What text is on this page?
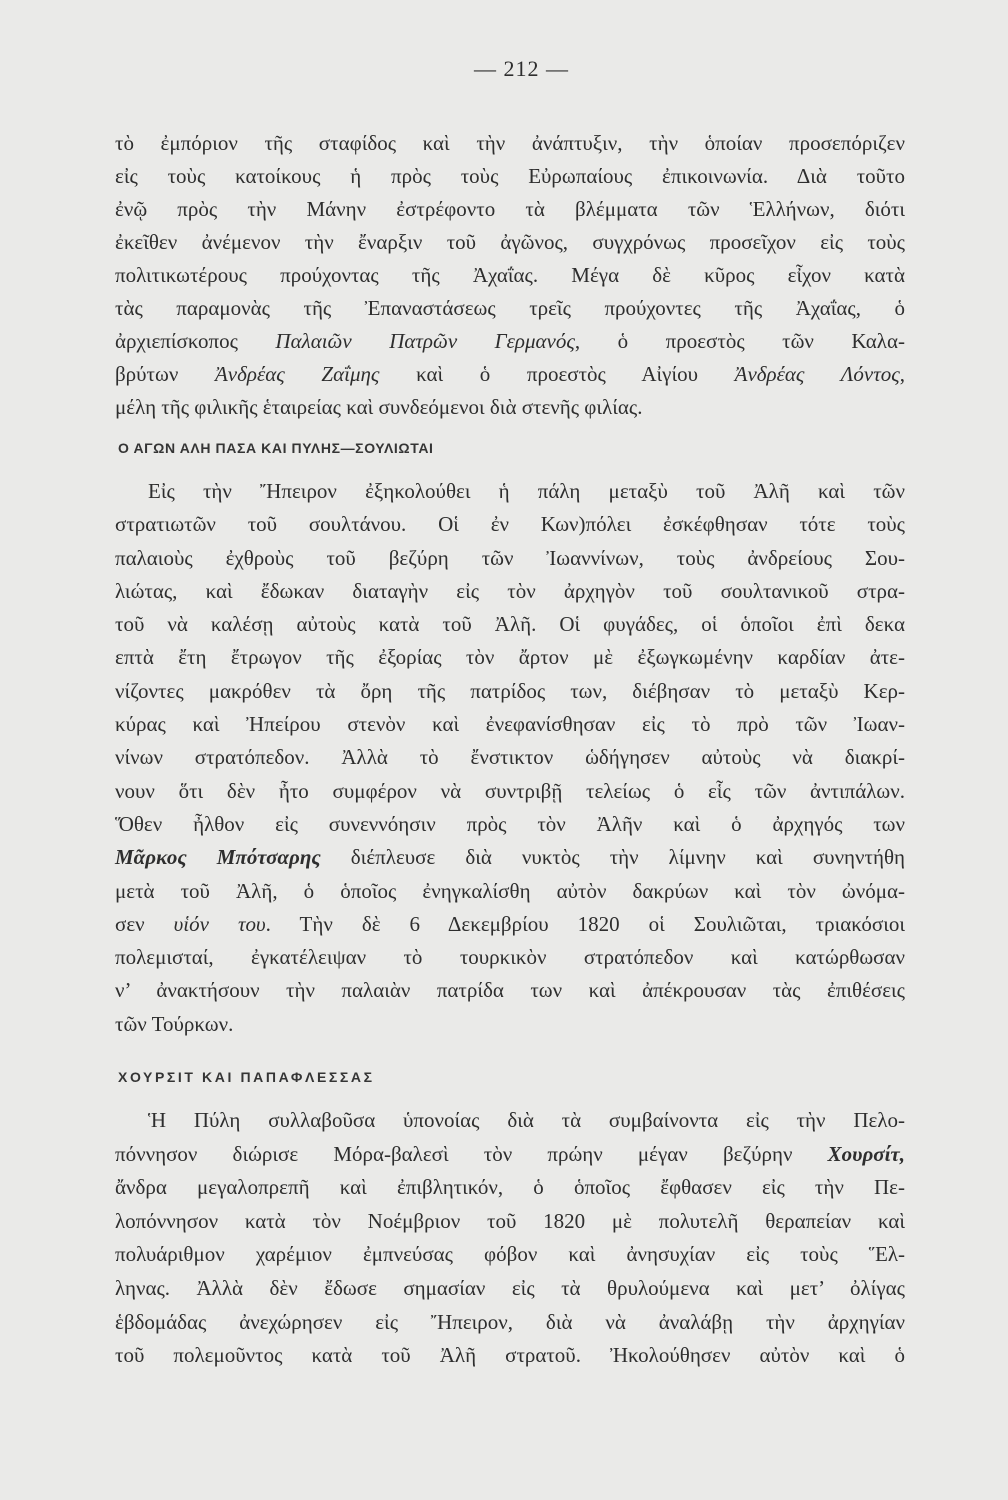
— 212 —
τὸ ἐμπόριον τῆς σταφίδος καὶ τὴν ἀνάπτυξιν, τὴν ὁποίαν προσεπόριζεν
εἰς τοὺς κατοίκους ἡ πρὸς τοὺς Εὐρωπαίους ἐπικοινωνία. Διὰ τοῦτο
ἐνῷ πρὸς τὴν Μάνην ἐστρέφοντο τὰ βλέμματα τῶν Ἑλλήνων, διότι
ἐκεῖθεν ἀνέμενον τὴν ἔναρξιν τοῦ ἀγῶνος, συγχρόνως προσεῖχον εἰς τοὺς
πολιτικωτέρους προύχοντας τῆς Ἀχαΐας. Μέγα δὲ κῦρος εἶχον κατὰ
τὰς παραμονὰς τῆς Ἐπαναστάσεως τρεῖς προύχοντες τῆς Ἀχαΐας, ὁ
ἀρχιεπίσκοπος Παλαιῶν Πατρῶν Γερμανός, ὁ προεστὸς τῶν Καλα-
βρύτων Ἀνδρέας Ζαΐμης καὶ ὁ προεστὸς Αἰγίου Ἀνδρέας Λόντος,
μέλη τῆς φιλικῆς ἑταιρείας καὶ συνδεόμενοι διὰ στενῆς φιλίας.
Ο ΑΓΩΝ ΑΛΗ ΠΑΣΑ ΚΑΙ ΠΥΛΗΣ—ΣΟΥΛΙΩΤΑΙ
Εἰς τὴν Ἤπειρον ἐξηκολούθει ἡ πάλη μεταξὺ τοῦ Ἀλῆ καὶ τῶν
στρατιωτῶν τοῦ σουλτάνου. Οἱ ἐν Κων)πόλει ἐσκέφθησαν τότε τοὺς
παλαιοὺς ἐχθροὺς τοῦ βεζύρη τῶν Ἰωαννίνων, τοὺς ἀνδρείους Σου-
λιώτας, καὶ ἔδωκαν διαταγὴν εἰς τὸν ἀρχηγὸν τοῦ σουλτανικοῦ στρα-
τοῦ νὰ καλέσῃ αὐτοὺς κατὰ τοῦ Ἀλῆ. Οἱ φυγάδες, οἱ ὁποῖοι ἐπὶ δεκα
επτὰ ἔτη ἔτρωγον τῆς ἐξορίας τὸν ἄρτον μὲ ἐξωγκωμένην καρδίαν ἀτε-
νίζοντες μακρόθεν τὰ ὄρη τῆς πατρίδος των, διέβησαν τὸ μεταξὺ Κερ-
κύρας καὶ Ἠπείρου στενὸν καὶ ἐνεφανίσθησαν εἰς τὸ πρὸ τῶν Ἰωαν-
νίνων στρατόπεδον. Ἀλλὰ τὸ ἔνστικτον ὡδήγησεν αὐτοὺς νὰ διακρί-
νουν ὅτι δὲν ἦτο συμφέρον νὰ συντριβῇ τελείως ὁ εἷς τῶν ἀντιπάλων.
Ὅθεν ἦλθον εἰς συνεννόησιν πρὸς τὸν Ἀλῆν καὶ ὁ ἀρχηγός των
Μᾶρκος Μπότσαρης διέπλευσε διὰ νυκτὸς τὴν λίμνην καὶ συνηντήθη
μετὰ τοῦ Ἀλῆ, ὁ ὁποῖος ἐνηγκαλίσθη αὐτὸν δακρύων καὶ τὸν ὠνόμα-
σεν υἱόν του. Τὴν δὲ 6 Δεκεμβρίου 1820 οἱ Σουλιῶται, τριακόσιοι
πολεμισταί, ἐγκατέλειψαν τὸ τουρκικὸν στρατόπεδον καὶ κατώρθωσαν
ν’ ἀνακτήσουν τὴν παλαιὰν πατρίδα των καὶ ἀπέκρουσαν τὰς ἐπιθέσεις
τῶν Τούρκων.
ΧΟΥΡΣΙΤ ΚΑΙ ΠΑΠΑΦΛΕΣΣΑΣ
Ἡ Πύλη συλλαβοῦσα ὑπονοίας διὰ τὰ συμβαίνοντα εἰς τὴν Πελο-
πόννησον διώρισε Μόρα-βαλεσὶ τὸν πρώην μέγαν βεζύρην Χουρσίτ,
ἄνδρα μεγαλοπρεπῆ καὶ ἐπιβλητικόν, ὁ ὁποῖος ἔφθασεν εἰς τὴν Πε-
λοπόννησον κατὰ τὸν Νοέμβριον τοῦ 1820 μὲ πολυτελῆ θεραπείαν καὶ
πολυάριθμον χαρέμιον ἐμπνεύσας φόβον καὶ ἀνησυχίαν εἰς τοὺς Ἕλ-
ληνας. Ἀλλὰ δὲν ἔδωσε σημασίαν εἰς τὰ θρυλούμενα καὶ μετ’ ὀλίγας
ἑβδομάδας ἀνεχώρησεν εἰς Ἤπειρον, διὰ νὰ ἀναλάβῃ τὴν ἀρχηγίαν
τοῦ πολεμοῦντος κατὰ τοῦ Ἀλῆ στρατοῦ. Ἠκολούθησεν αὐτὸν καὶ ὁ
